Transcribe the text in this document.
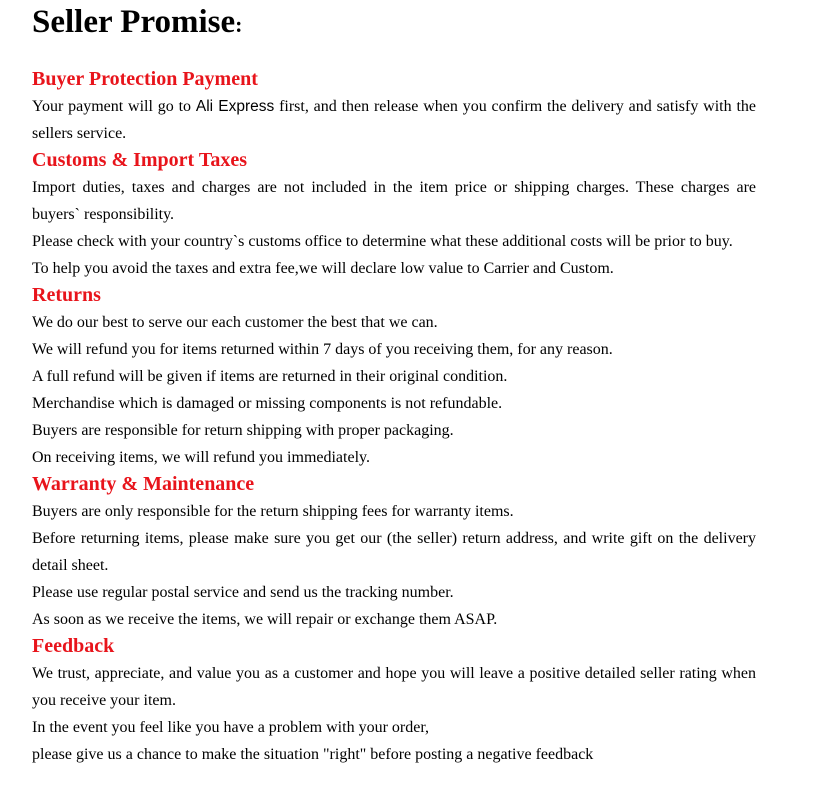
Seller Promise:
Buyer Protection Payment

Your payment will go to Ali Express first, and then release when you confirm the delivery and satisfy with the sellers service.

Customs & Import Taxes

Import duties, taxes and charges are not included in the item price or shipping charges. These charges are buyers` responsibility.

Please check with your country`s customs office to determine what these additional costs will be prior to buy.

To help you avoid the taxes and extra fee,we will declare low value to Carrier and Custom.

Returns

We do our best to serve our each customer the best that we can.

We will refund you for items returned within 7 days of you receiving them, for any reason.

A full refund will be given if items are returned in their original condition.

Merchandise which is damaged or missing components is not refundable.

Buyers are responsible for return shipping with proper packaging.

On receiving items, we will refund you immediately.

Warranty & Maintenance

Buyers are only responsible for the return shipping fees for warranty items.

Before returning items, please make sure you get our (the seller) return address, and write gift on the delivery detail sheet.

Please use regular postal service and send us the tracking number.

As soon as we receive the items, we will repair or exchange them ASAP.

Feedback

We trust, appreciate, and value you as a customer and hope you will leave a positive detailed seller rating when you receive your item.

In the event you feel like you have a problem with your order,

please give us a chance to make the situation "right" before posting a negative feedback
